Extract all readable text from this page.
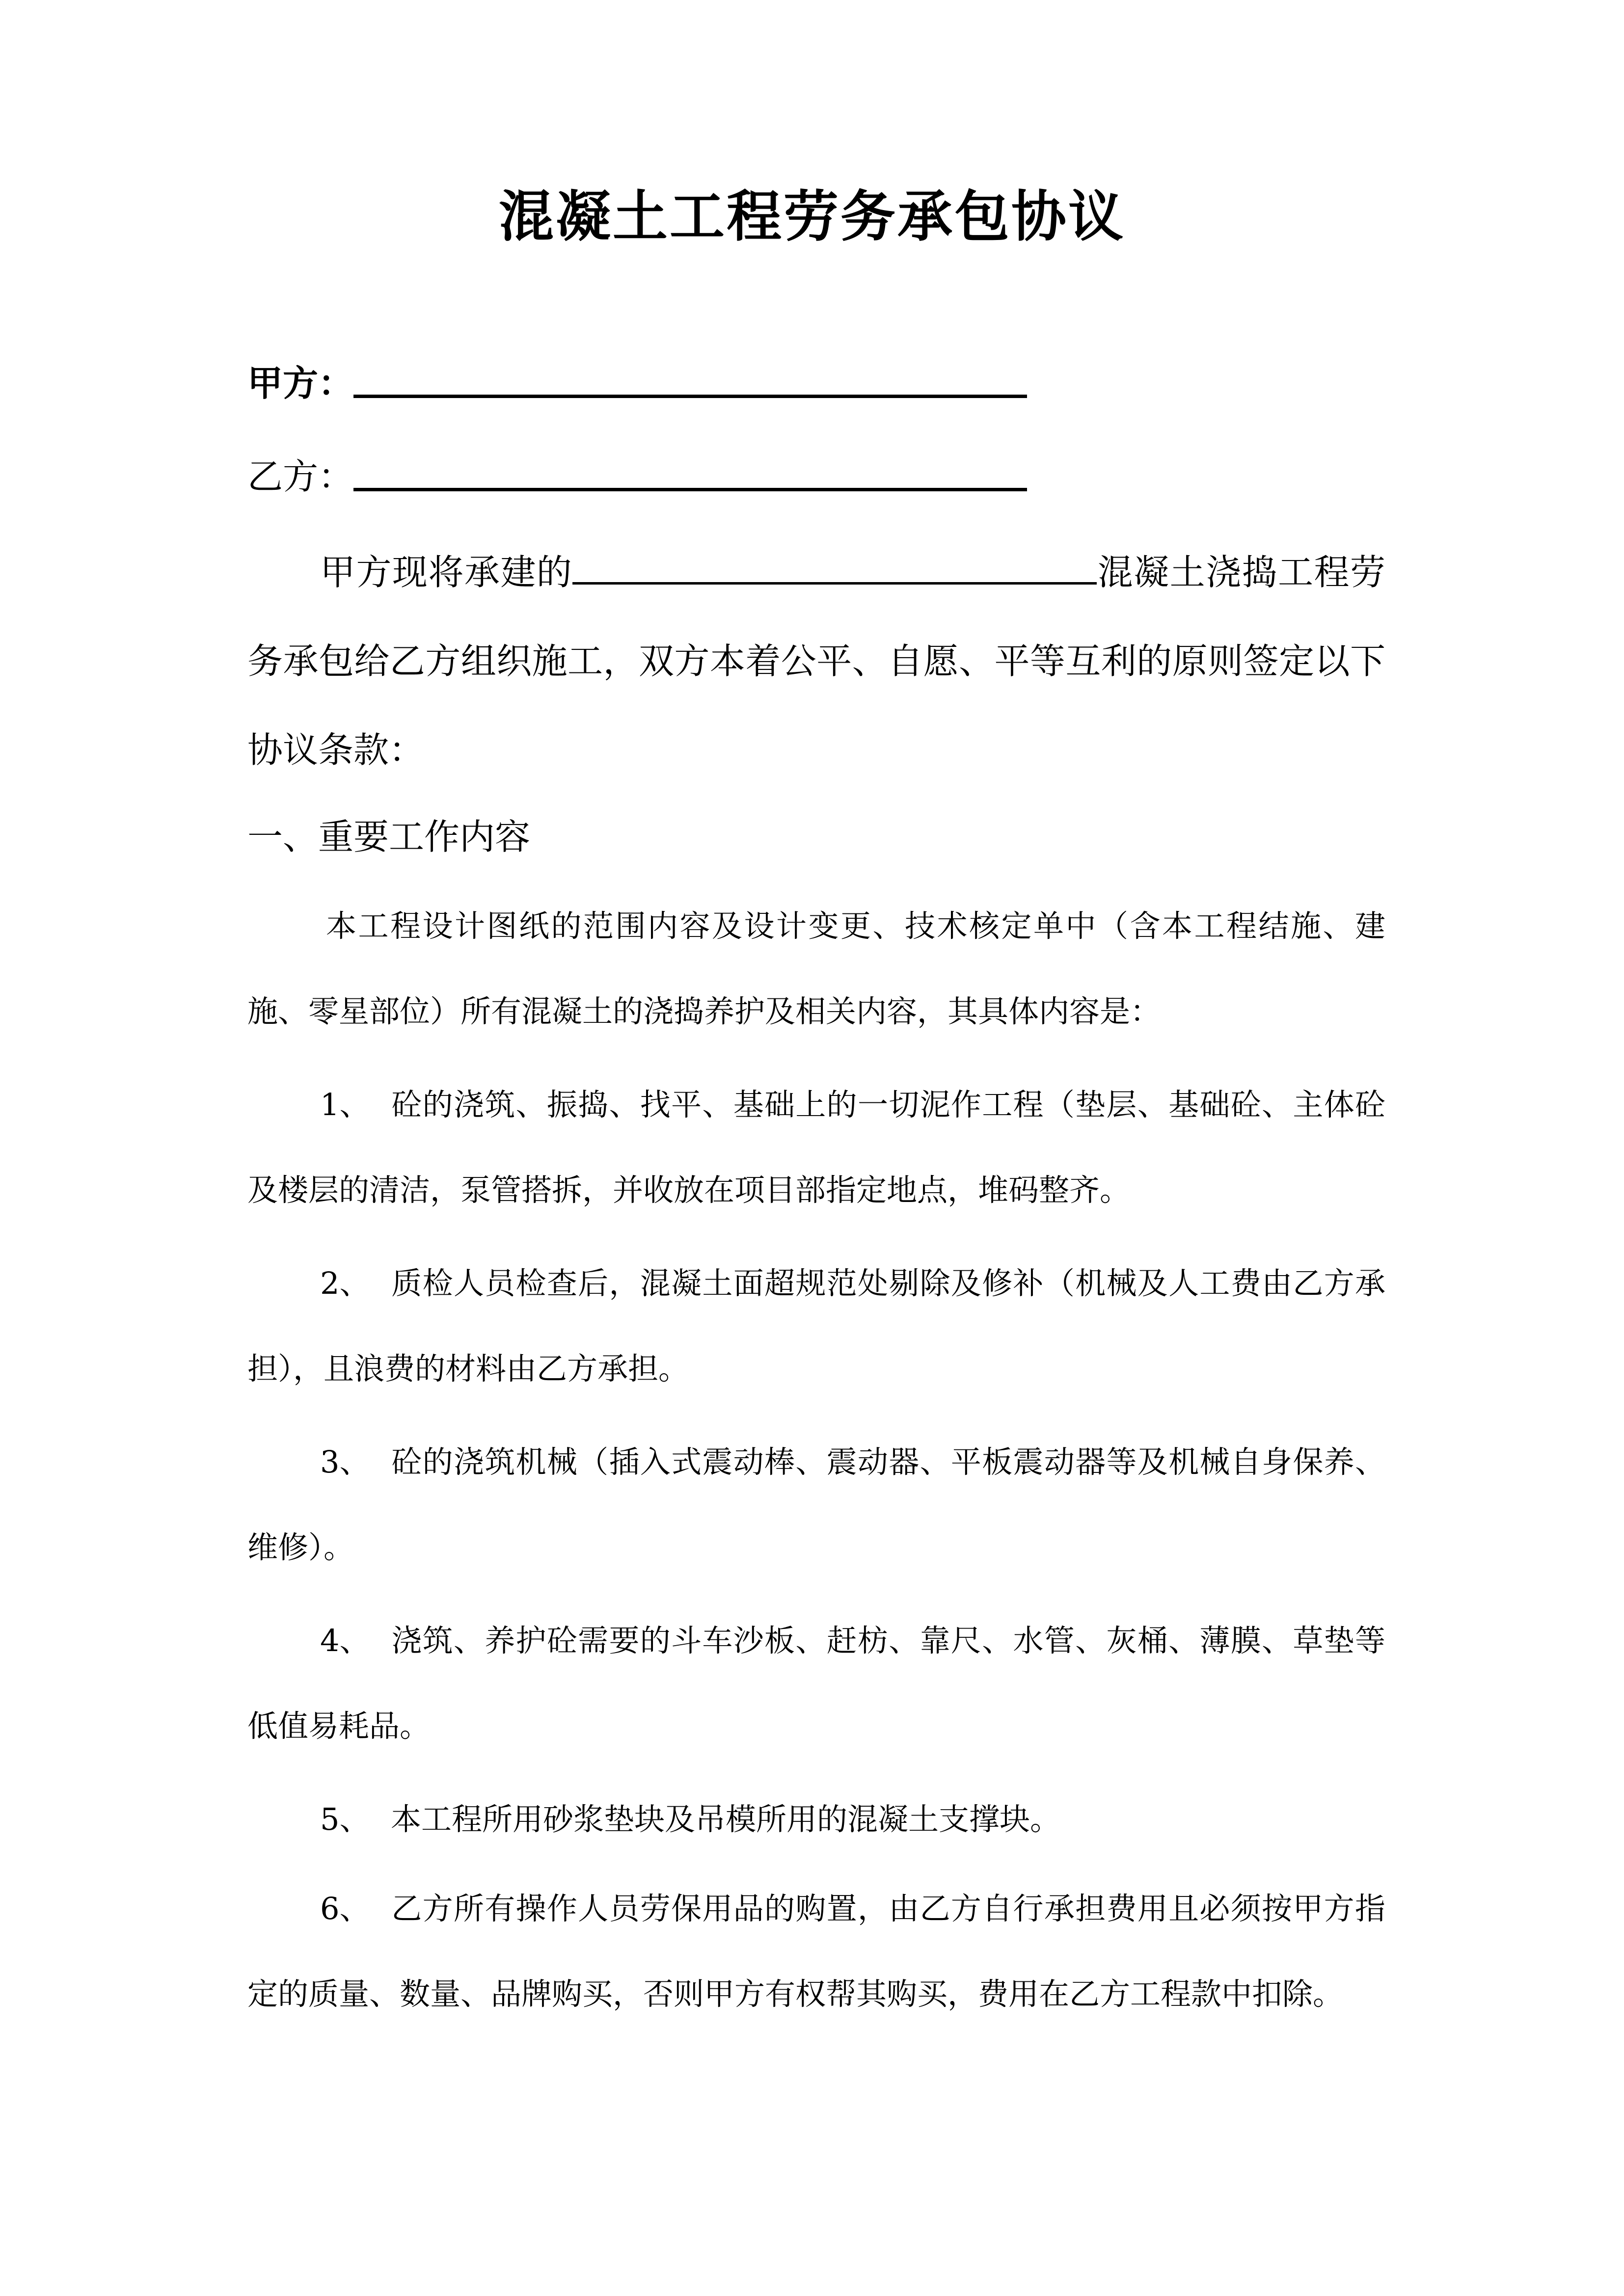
混凝土工程劳务承包协议
甲方：
乙方：
甲方现将承建的	混凝土浇捣工程劳务承包给乙方组织施工，双方本着公平、自愿、平等互利的原则签定以下协议条款：
一、重要工作内容
本工程设计图纸的范围内容及设计变更、技术核定单中（含本工程结施、建施、零星部位）所有混凝土的浇捣养护及相关内容，其具体内容是：
1、 砼的浇筑、振捣、找平、基础上的一切泥作工程（垫层、基础砼、主体砼及楼层的清洁，泵管搭拆，并收放在项目部指定地点，堆码整齐。
2、 质检人员检查后，混凝土面超规范处剔除及修补（机械及人工费由乙方承担），且浪费的材料由乙方承担。
3、 砼的浇筑机械（插入式震动棒、震动器、平板震动器等及机械自身保养、维修）。
4、 浇筑、养护砼需要的斗车沙板、赶枋、靠尺、水管、灰桶、薄膜、草垫等低值易耗品。
5、 本工程所用砂浆垫块及吊模所用的混凝土支撑块。
6、 乙方所有操作人员劳保用品的购置，由乙方自行承担费用且必须按甲方指定的质量、数量、品牌购买，否则甲方有权帮其购买，费用在乙方工程款中扣除。
